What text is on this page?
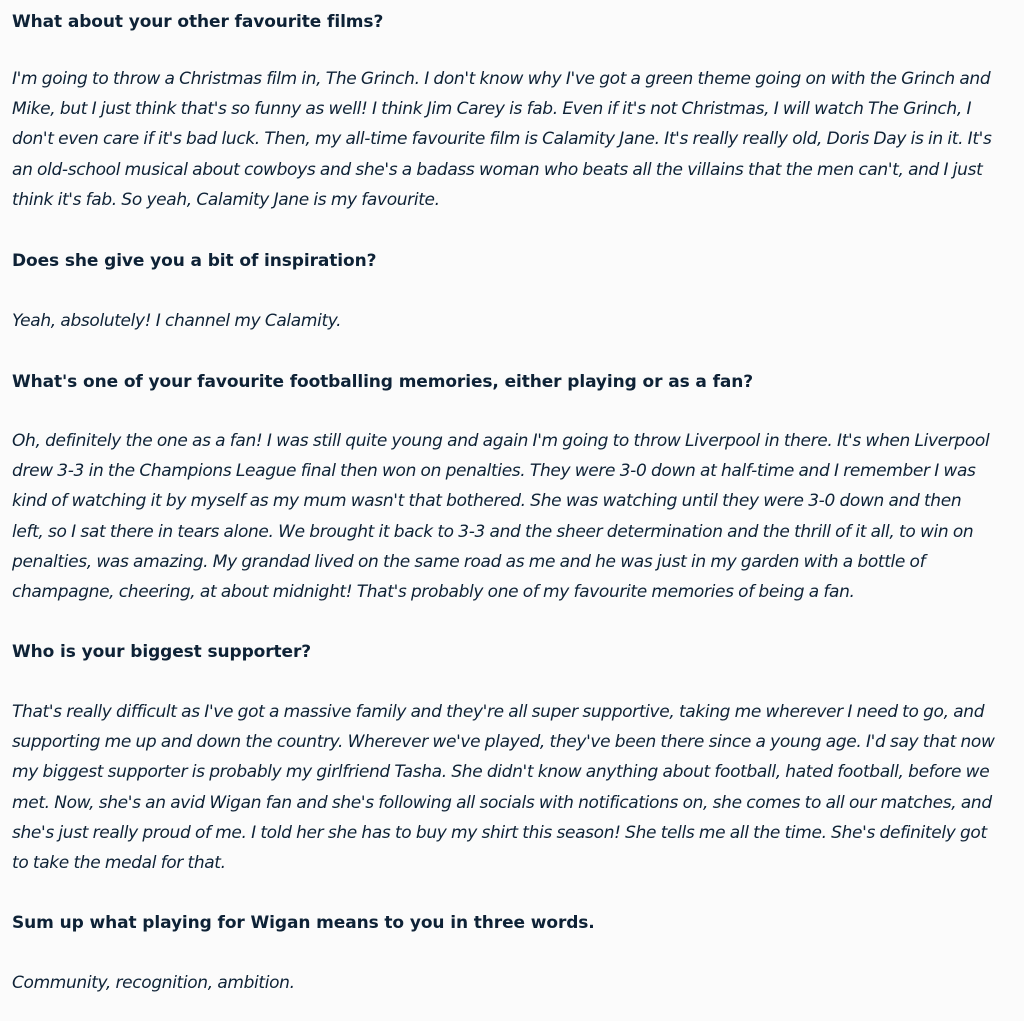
What about your other favourite films?

I'm going to throw a Christmas film in, The Grinch. I don't know why I've got a green theme going on with the Grinch and Mike, but I just think that's so funny as well! I think Jim Carey is fab. Even if it's not Christmas, I will watch The Grinch, I don't even care if it's bad luck. Then, my all-time favourite film is Calamity Jane. It's really really old, Doris Day is in it. It's an old-school musical about cowboys and she's a badass woman who beats all the villains that the men can't, and I just think it's fab. So yeah, Calamity Jane is my favourite.

Does she give you a bit of inspiration?

Yeah, absolutely! I channel my Calamity.

What's one of your favourite footballing memories, either playing or as a fan?

Oh, definitely the one as a fan! I was still quite young and again I'm going to throw Liverpool in there. It's when Liverpool drew 3-3 in the Champions League final then won on penalties. They were 3-0 down at half-time and I remember I was kind of watching it by myself as my mum wasn't that bothered. She was watching until they were 3-0 down and then left, so I sat there in tears alone. We brought it back to 3-3 and the sheer determination and the thrill of it all, to win on penalties, was amazing. My grandad lived on the same road as me and he was just in my garden with a bottle of champagne, cheering, at about midnight! That's probably one of my favourite memories of being a fan.

Who is your biggest supporter?

That's really difficult as I've got a massive family and they're all super supportive, taking me wherever I need to go, and supporting me up and down the country. Wherever we've played, they've been there since a young age. I'd say that now my biggest supporter is probably my girlfriend Tasha. She didn't know anything about football, hated football, before we met. Now, she's an avid Wigan fan and she's following all socials with notifications on, she comes to all our matches, and she's just really proud of me. I told her she has to buy my shirt this season! She tells me all the time. She's definitely got to take the medal for that.

Sum up what playing for Wigan means to you in three words.

Community, recognition, ambition.
